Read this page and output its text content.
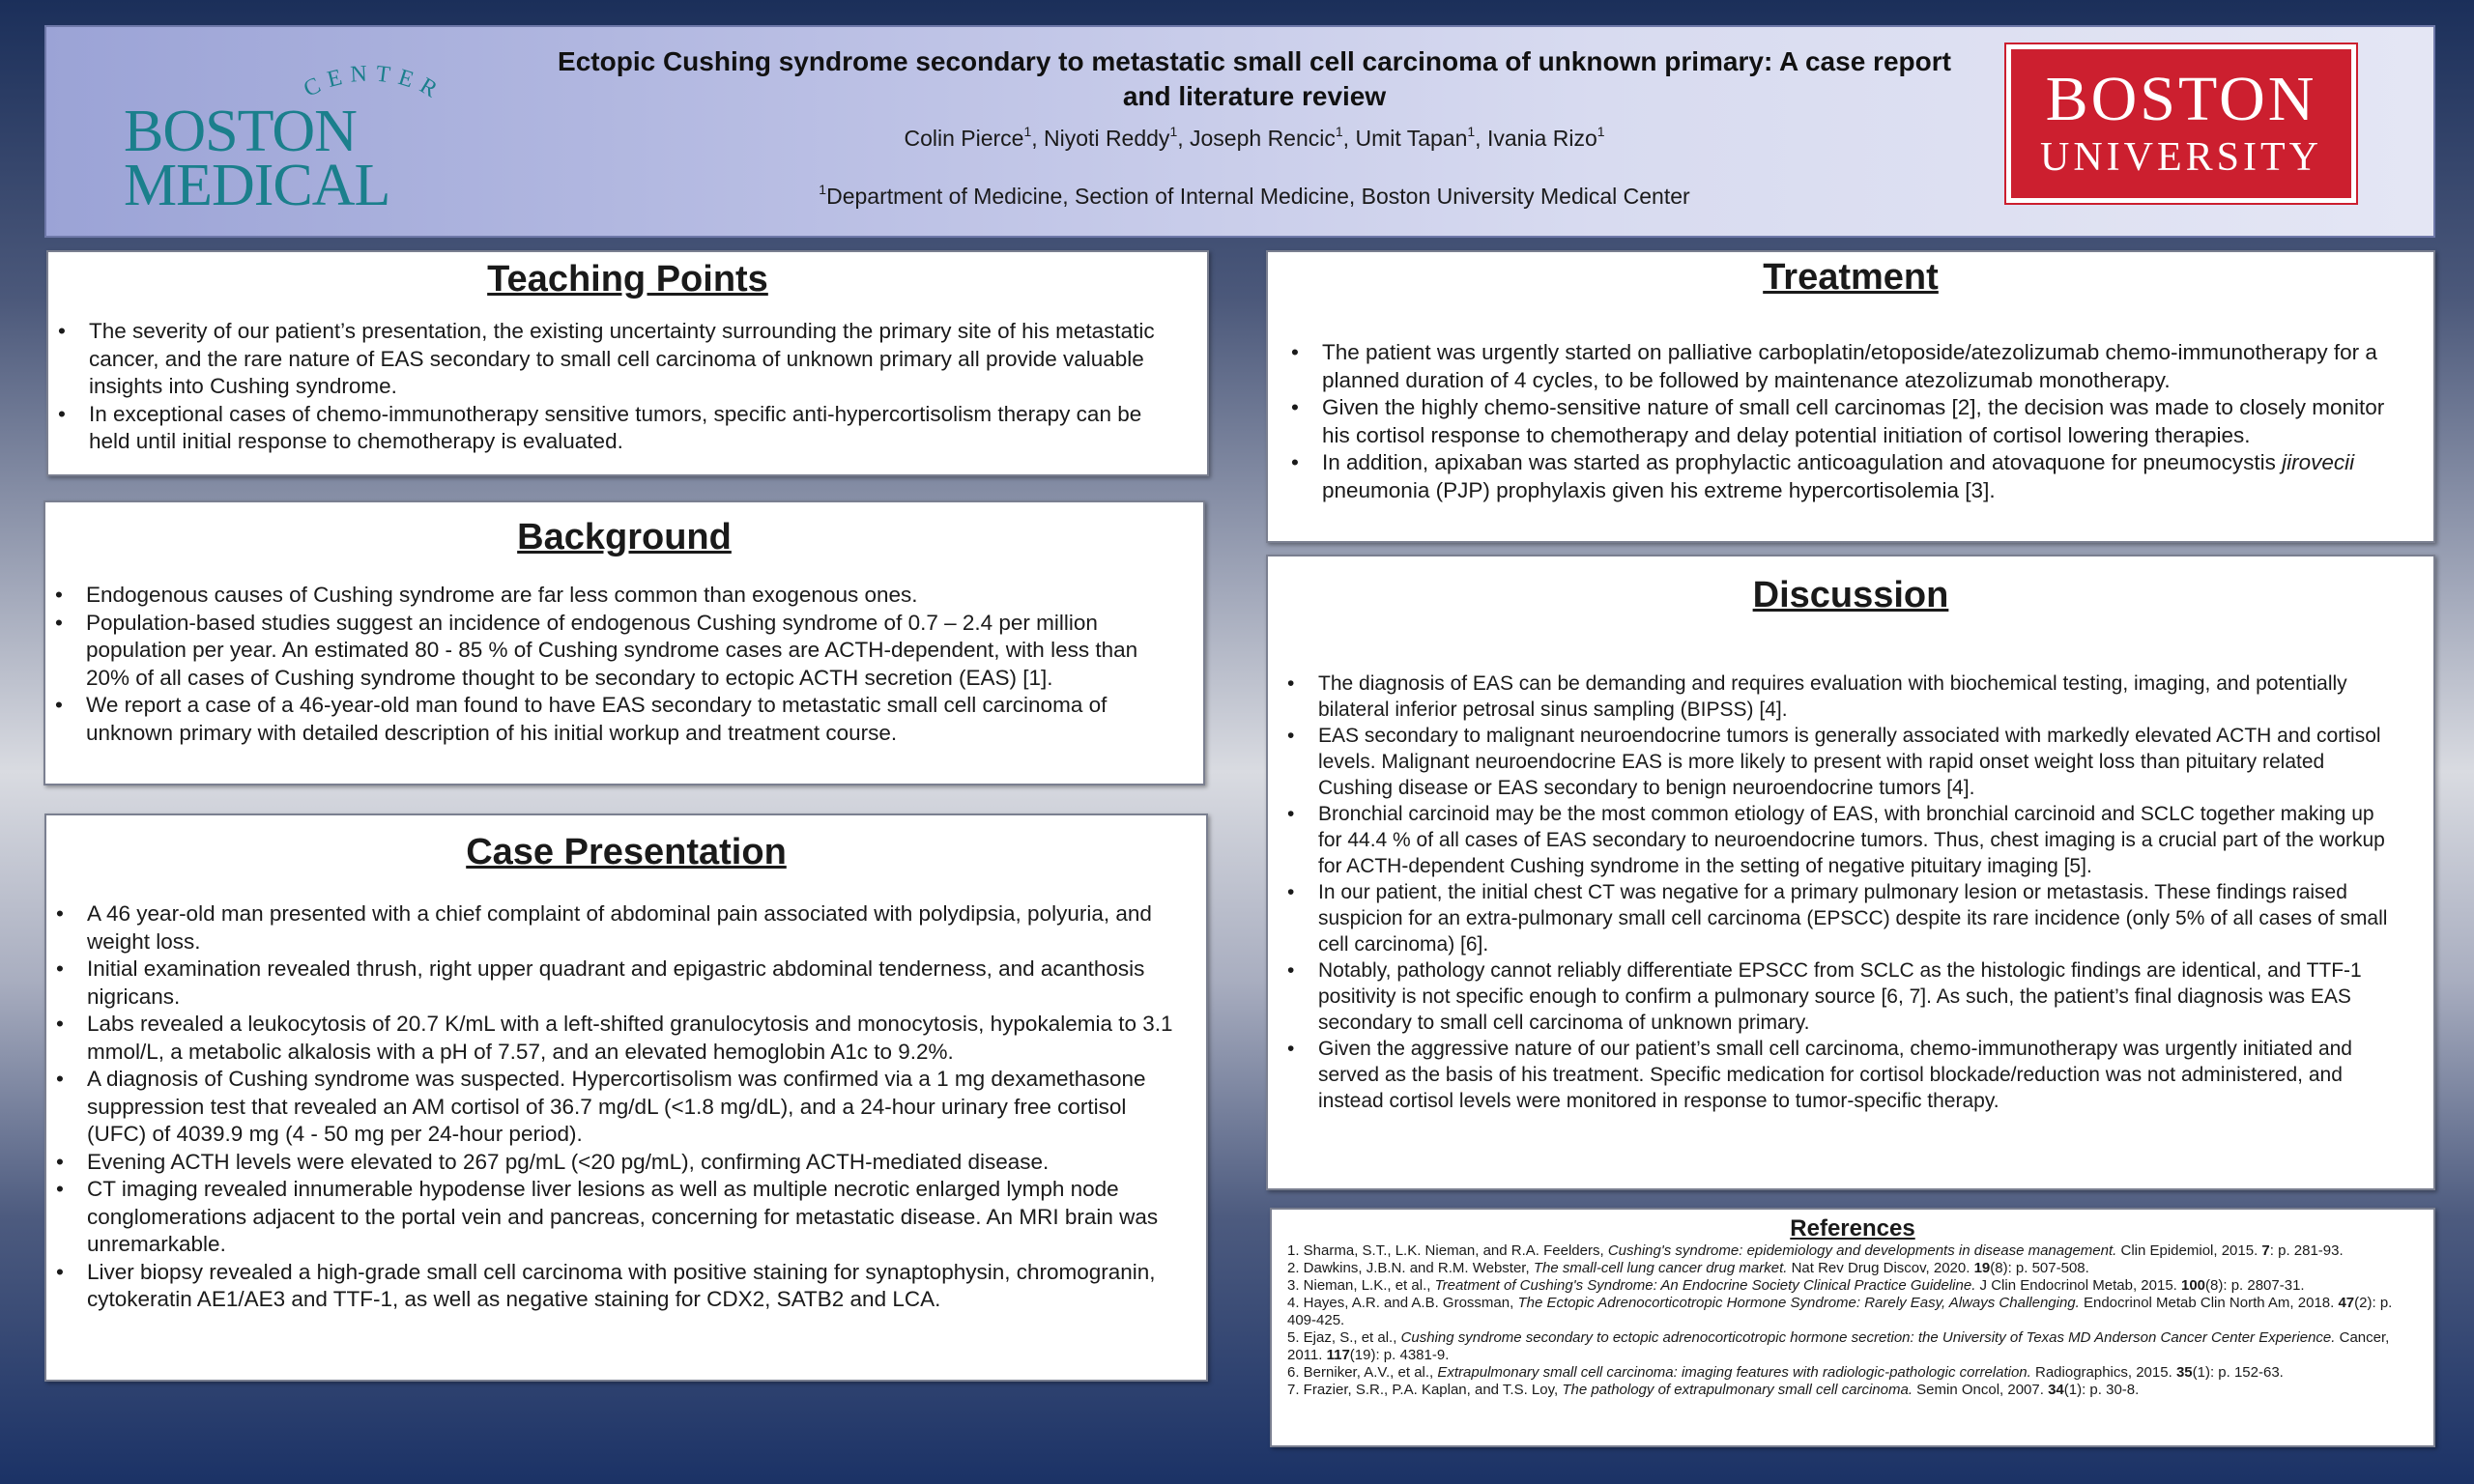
CENTER
BOSTON
MEDICAL
Ectopic Cushing syndrome secondary to metastatic small cell carcinoma of unknown primary: A case report and literature review
Colin Pierce$^1$, Niyoti Reddy$^1$, Joseph Rencic$^1$, Umit Tapan$^1$, Ivania Rizo$^1$
$^1$Department of Medicine, Section of Internal Medicine, Boston University Medical Center
BOSTON
UNIVERSITY
Teaching Points
• The severity of our patient’s presentation, the existing uncertainty surrounding the primary site of his metastatic cancer, and the rare nature of EAS secondary to small cell carcinoma of unknown primary all provide valuable insights into Cushing syndrome.
• In exceptional cases of chemo-immunotherapy sensitive tumors, specific anti-hypercortisolism therapy can be held until initial response to chemotherapy is evaluated.
Background
• Endogenous causes of Cushing syndrome are far less common than exogenous ones.
• Population-based studies suggest an incidence of endogenous Cushing syndrome of 0.7 – 2.4 per million population per year. An estimated 80 - 85 % of Cushing syndrome cases are ACTH-dependent, with less than 20% of all cases of Cushing syndrome thought to be secondary to ectopic ACTH secretion (EAS) [1].
• We report a case of a 46-year-old man found to have EAS secondary to metastatic small cell carcinoma of unknown primary with detailed description of his initial workup and treatment course.
Case Presentation
• A 46 year-old man presented with a chief complaint of abdominal pain associated with polydipsia, polyuria, and weight loss.
• Initial examination revealed thrush, right upper quadrant and epigastric abdominal tenderness, and acanthosis nigricans.
• Labs revealed a leukocytosis of 20.7 K/mL with a left-shifted granulocytosis and monocytosis, hypokalemia to 3.1 mmol/L, a metabolic alkalosis with a pH of 7.57, and an elevated hemoglobin A1c to 9.2%.
• A diagnosis of Cushing syndrome was suspected. Hypercortisolism was confirmed via a 1 mg dexamethasone suppression test that revealed an AM cortisol of 36.7 mg/dL (<1.8 mg/dL), and a 24-hour urinary free cortisol (UFC) of 4039.9 mg (4 - 50 mg per 24-hour period).
• Evening ACTH levels were elevated to 267 pg/mL (<20 pg/mL), confirming ACTH-mediated disease.
• CT imaging revealed innumerable hypodense liver lesions as well as multiple necrotic enlarged lymph node conglomerations adjacent to the portal vein and pancreas, concerning for metastatic disease. An MRI brain was unremarkable.
• Liver biopsy revealed a high-grade small cell carcinoma with positive staining for synaptophysin, chromogranin, cytokeratin AE1/AE3 and TTF-1, as well as negative staining for CDX2, SATB2 and LCA.
Treatment
• The patient was urgently started on palliative carboplatin/etoposide/atezolizumab chemo-immunotherapy for a planned duration of 4 cycles, to be followed by maintenance atezolizumab monotherapy.
• Given the highly chemo-sensitive nature of small cell carcinomas [2], the decision was made to closely monitor his cortisol response to chemotherapy and delay potential initiation of cortisol lowering therapies.
• In addition, apixaban was started as prophylactic anticoagulation and atovaquone for pneumocystis jirovecii pneumonia (PJP) prophylaxis given his extreme hypercortisolemia [3].
Discussion
• The diagnosis of EAS can be demanding and requires evaluation with biochemical testing, imaging, and potentially bilateral inferior petrosal sinus sampling (BIPSS) [4].
• EAS secondary to malignant neuroendocrine tumors is generally associated with markedly elevated ACTH and cortisol levels. Malignant neuroendocrine EAS is more likely to present with rapid onset weight loss than pituitary related Cushing disease or EAS secondary to benign neuroendocrine tumors [4].
• Bronchial carcinoid may be the most common etiology of EAS, with bronchial carcinoid and SCLC together making up for 44.4 % of all cases of EAS secondary to neuroendocrine tumors. Thus, chest imaging is a crucial part of the workup for ACTH-dependent Cushing syndrome in the setting of negative pituitary imaging [5].
• In our patient, the initial chest CT was negative for a primary pulmonary lesion or metastasis. These findings raised suspicion for an extra-pulmonary small cell carcinoma (EPSCC) despite its rare incidence (only 5% of all cases of small cell carcinoma) [6].
• Notably, pathology cannot reliably differentiate EPSCC from SCLC as the histologic findings are identical, and TTF-1 positivity is not specific enough to confirm a pulmonary source [6, 7]. As such, the patient’s final diagnosis was EAS secondary to small cell carcinoma of unknown primary.
• Given the aggressive nature of our patient’s small cell carcinoma, chemo-immunotherapy was urgently initiated and served as the basis of his treatment. Specific medication for cortisol blockade/reduction was not administered, and instead cortisol levels were monitored in response to tumor-specific therapy.
References
1. Sharma, S.T., L.K. Nieman, and R.A. Feelders, Cushing's syndrome: epidemiology and developments in disease management. Clin Epidemiol, 2015. 7: p. 281-93.
2. Dawkins, J.B.N. and R.M. Webster, The small-cell lung cancer drug market. Nat Rev Drug Discov, 2020. 19(8): p. 507-508.
3. Nieman, L.K., et al., Treatment of Cushing's Syndrome: An Endocrine Society Clinical Practice Guideline. J Clin Endocrinol Metab, 2015. 100(8): p. 2807-31.
4. Hayes, A.R. and A.B. Grossman, The Ectopic Adrenocorticotropic Hormone Syndrome: Rarely Easy, Always Challenging. Endocrinol Metab Clin North Am, 2018. 47(2): p. 409-425.
5. Ejaz, S., et al., Cushing syndrome secondary to ectopic adrenocorticotropic hormone secretion: the University of Texas MD Anderson Cancer Center Experience. Cancer, 2011. 117(19): p. 4381-9.
6. Berniker, A.V., et al., Extrapulmonary small cell carcinoma: imaging features with radiologic-pathologic correlation. Radiographics, 2015. 35(1): p. 152-63.
7. Frazier, S.R., P.A. Kaplan, and T.S. Loy, The pathology of extrapulmonary small cell carcinoma. Semin Oncol, 2007. 34(1): p. 30-8.
